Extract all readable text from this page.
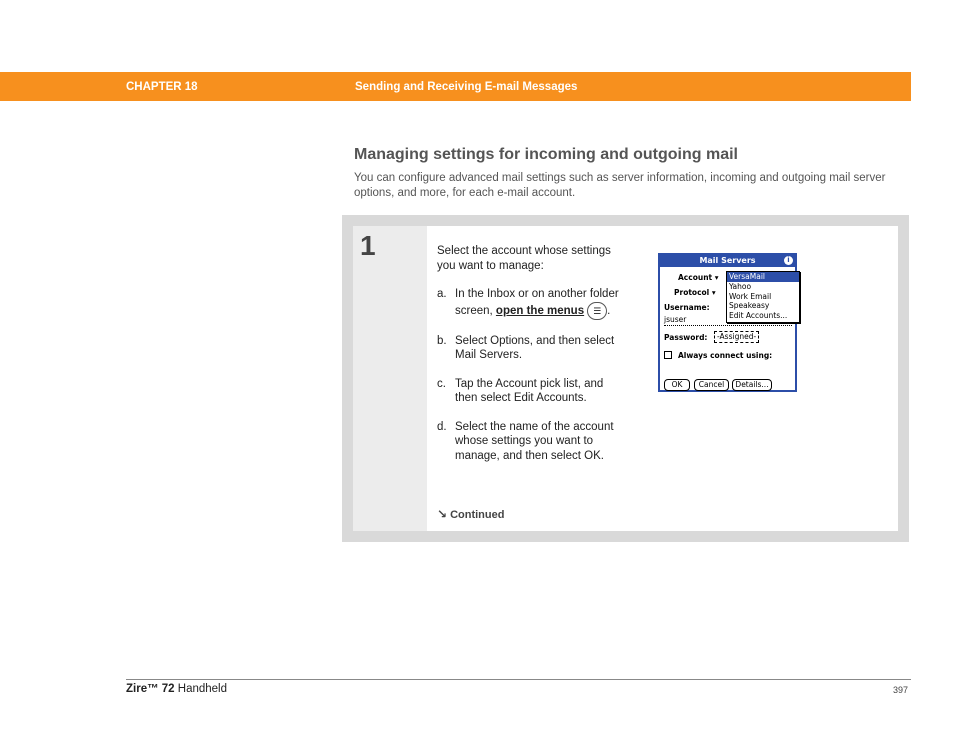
CHAPTER 18	Sending and Receiving E-mail Messages
Managing settings for incoming and outgoing mail
You can configure advanced mail settings such as server information, incoming and outgoing mail server options, and more, for each e-mail account.
1	Select the account whose settings you want to manage:

a. In the Inbox or on another folder screen, open the menus ☰ .
b. Select Options, and then select Mail Servers.
c. Tap the Account pick list, and then select Edit Accounts.
d. Select the name of the account whose settings you want to manage, and then select OK.
↘ Continued
Mail Servers	i
Account ▾
Protocol ▾
Username:
jsuser
Password:	-Assigned-
Always connect using:
VersaMail
Yahoo
Work Email
Speakeasy
Edit Accounts...
OK	Cancel	Details...
Zire™ 72 Handheld	397
